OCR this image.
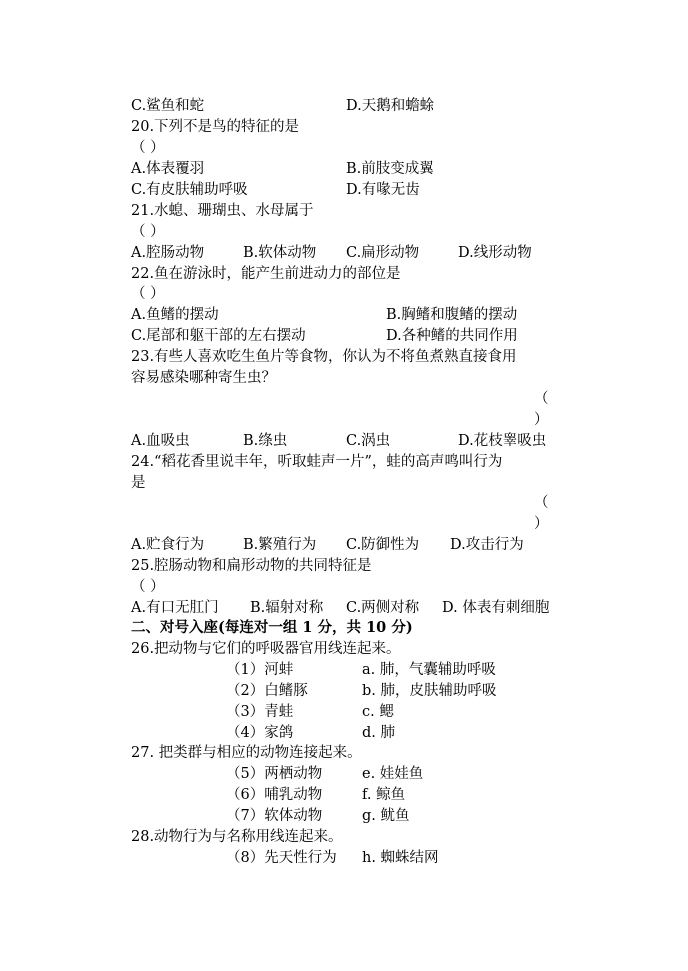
C.鲨鱼和蛇	D.天鹅和蟾蜍
20.下列不是鸟的特征的是
（ ）
A.体表覆羽	B.前肢变成翼
C.有皮肤辅助呼吸	D.有喙无齿
21.水螅、珊瑚虫、水母属于
（ ）
A.腔肠动物	B.软体动物 C.扁形动物	D.线形动物
22.鱼在游泳时，能产生前进动力的部位是
（ ）
A.鱼鳍的摆动	B.胸鳍和腹鳍的摆动
C.尾部和躯干部的左右摆动	D.各种鳍的共同作用
23.有些人喜欢吃生鱼片等食物，你认为不将鱼煮熟直接食用
容易感染哪种寄生虫？
（
）
A.血吸虫	B.绦虫	C.涡虫	D.花枝睾吸虫
24.“稻花香里说丰年，听取蛙声一片”，蛙的高声鸣叫行为
是
（
）
A.贮食行为	B.繁殖行为 C.防御性为 D.攻击行为
25.腔肠动物和扁形动物的共同特征是
（ ）
A.有口无肛门 B.辐射对称 C.两侧对称 D. 体表有刺细胞
二、对号入座(每连对一组 1 分，共 10 分)
26.把动物与它们的呼吸器官用线连起来。
（1）河蚌	a. 肺，气囊辅助呼吸
（2）白鳍豚	b. 肺，皮肤辅助呼吸
（3）青蛙	c. 鳃
（4）家鸽	d. 肺
27. 把类群与相应的动物连接起来。
（5）两栖动物	e. 娃娃鱼
（6）哺乳动物	f. 鲸鱼
（7）软体动物	g. 鱿鱼
28.动物行为与名称用线连起来。
（8）先天性行为 h. 蜘蛛结网
